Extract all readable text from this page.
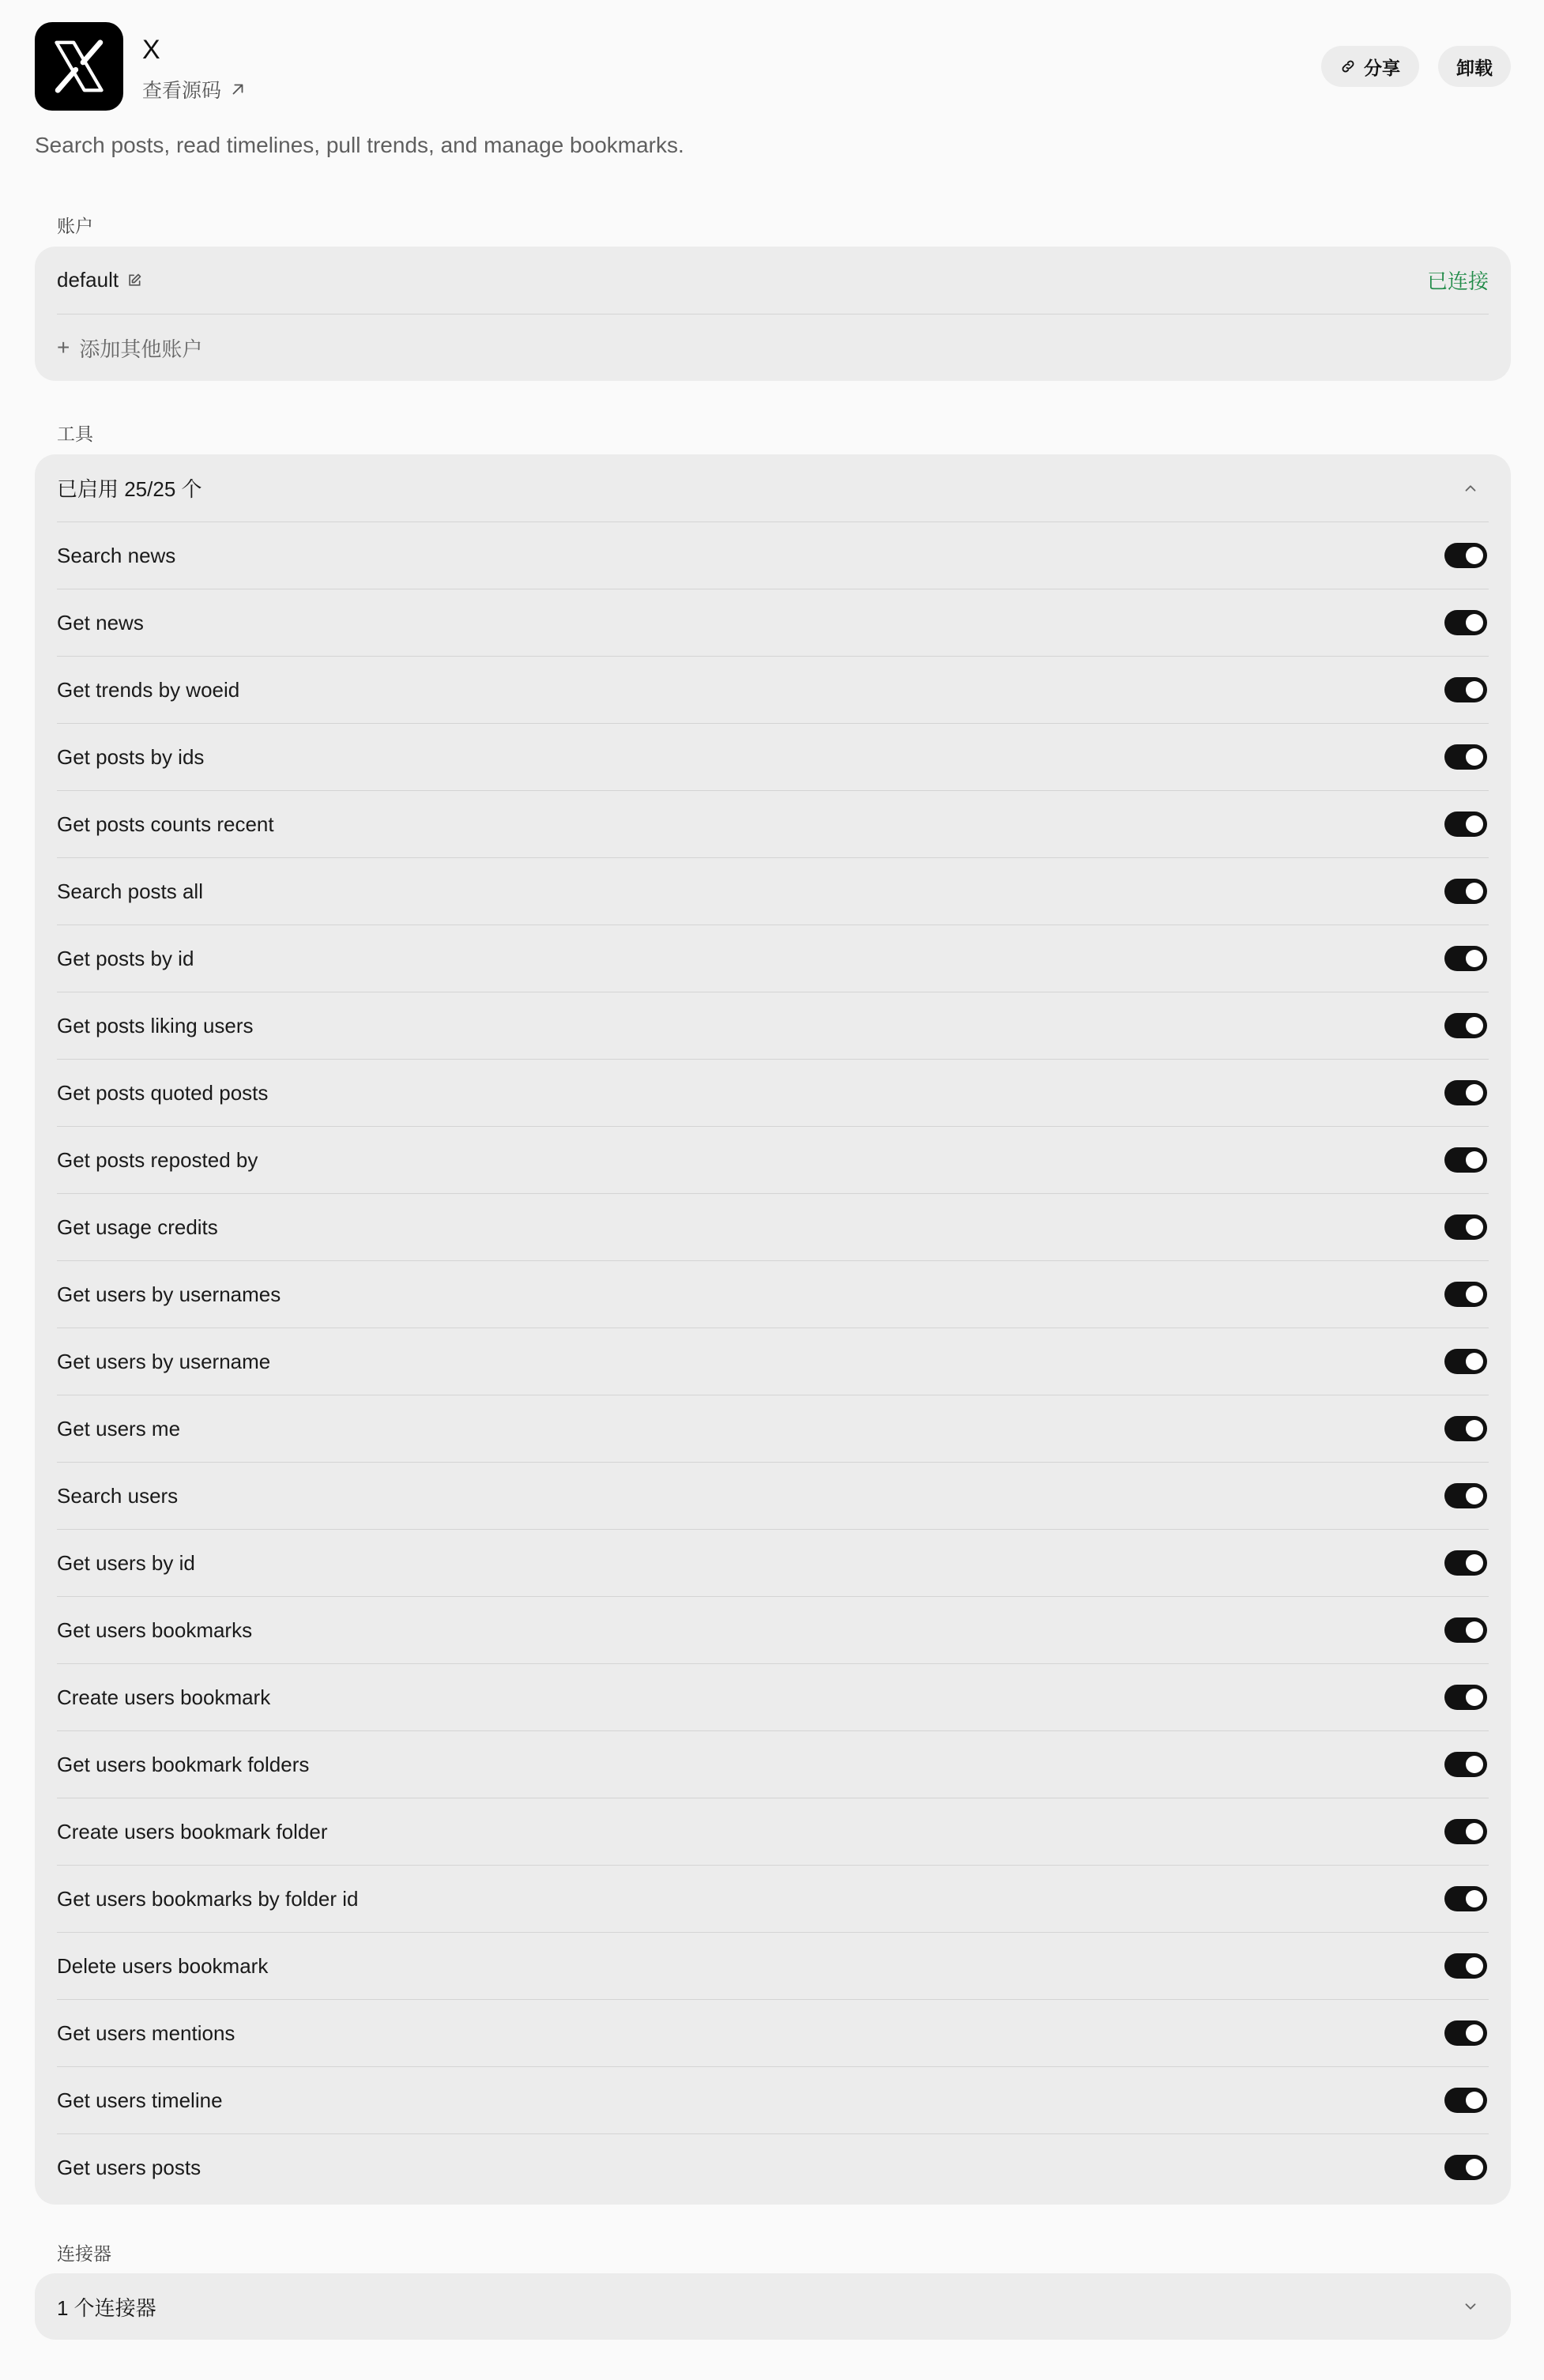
X
查看源码
分享	卸载
Search posts, read timelines, pull trends, and manage bookmarks.
账户
default	已连接
+ 添加其他账户
工具
已启用 25/25 个
Search news
Get news
Get trends by woeid
Get posts by ids
Get posts counts recent
Search posts all
Get posts by id
Get posts liking users
Get posts quoted posts
Get posts reposted by
Get usage credits
Get users by usernames
Get users by username
Get users me
Search users
Get users by id
Get users bookmarks
Create users bookmark
Get users bookmark folders
Create users bookmark folder
Get users bookmarks by folder id
Delete users bookmark
Get users mentions
Get users timeline
Get users posts
连接器
1 个连接器
